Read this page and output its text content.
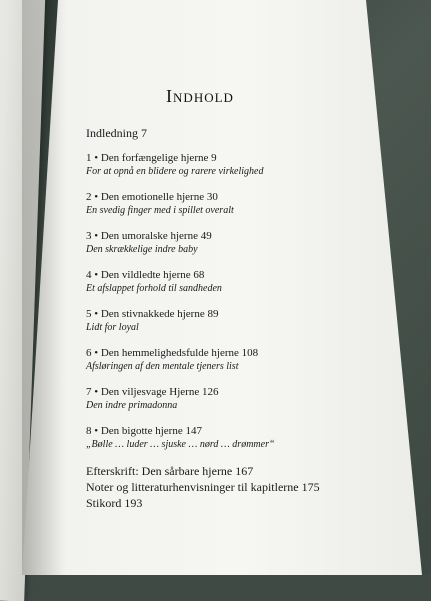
Indhold
Indledning 7
1 • Den forfængelige hjerne 9
For at opnå en blidere og rarere virkelighed
2 • Den emotionelle hjerne 30
En svedig finger med i spillet overalt
3 • Den umoralske hjerne 49
Den skrækkelige indre baby
4 • Den vildledte hjerne 68
Et afslappet forhold til sandheden
5 • Den stivnakkede hjerne 89
Lidt for loyal
6 • Den hemmelighedsfulde hjerne 108
Afsløringen af den mentale tjeners list
7 • Den viljesvage Hjerne 126
Den indre primadonna
8 • Den bigotte hjerne 147
„Bølle … luder … sjuske … nørd … drømmer“
Efterskrift: Den sårbare hjerne 167
Noter og litteraturhenvisninger til kapitlerne 175
Stikord 193
